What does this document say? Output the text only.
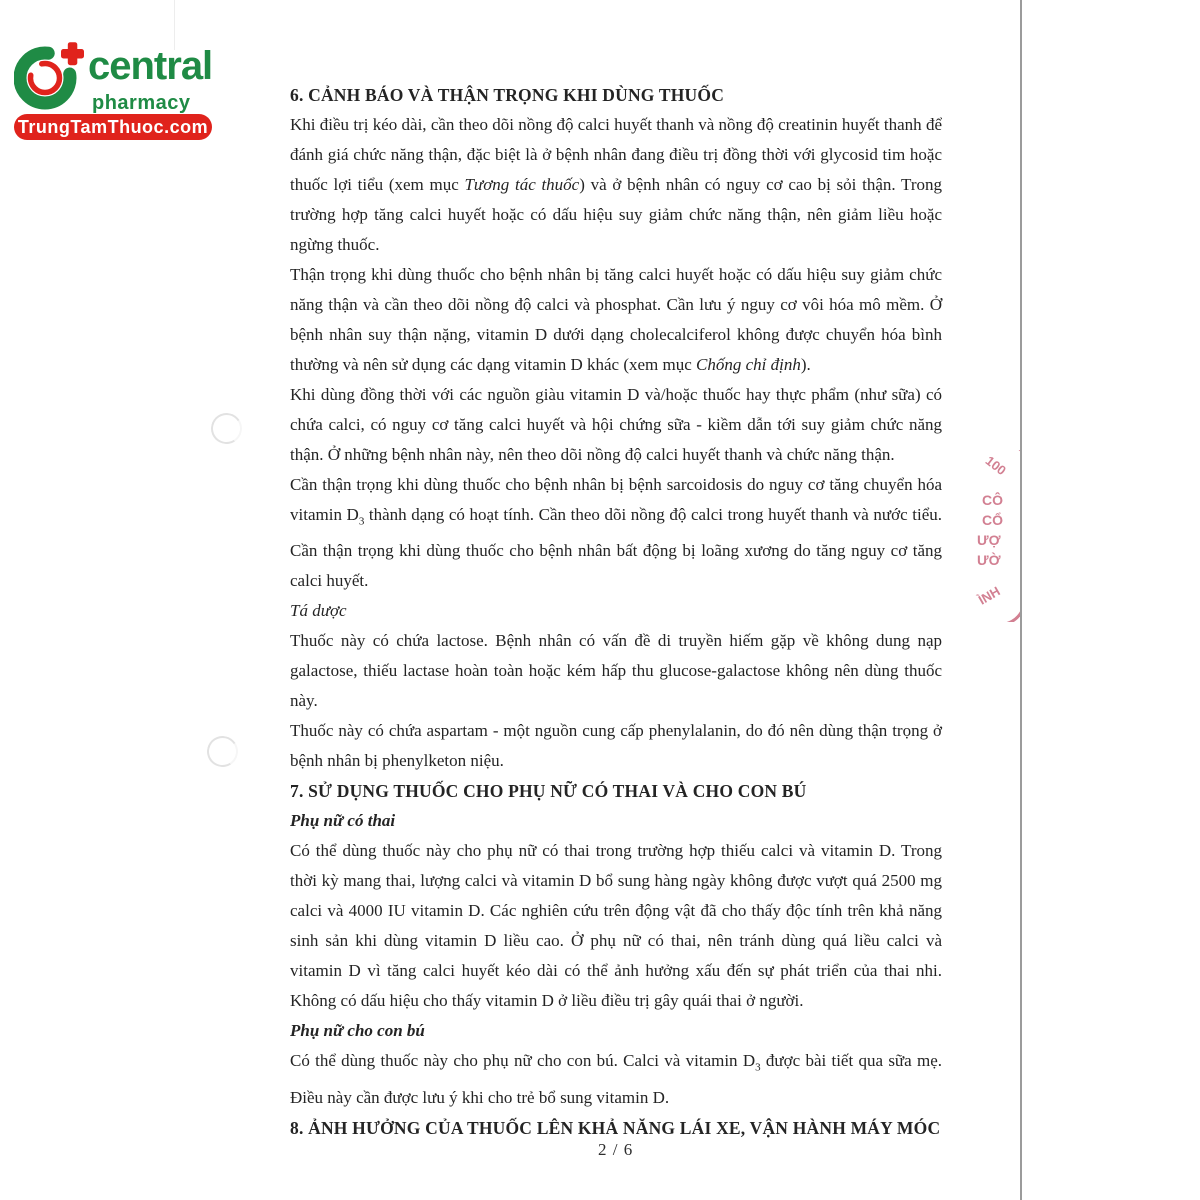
central
pharmacy
TrungTamThuoc.com
100
CÔ
CỔ
ƯỢ
ƯỜ
ÌNH
6. CẢNH BÁO VÀ THẬN TRỌNG KHI DÙNG THUỐC

Khi điều trị kéo dài, cần theo dõi nồng độ calci huyết thanh và nồng độ creatinin huyết thanh để đánh giá chức năng thận, đặc biệt là ở bệnh nhân đang điều trị đồng thời với glycosid tim hoặc thuốc lợi tiểu (xem mục Tương tác thuốc) và ở bệnh nhân có nguy cơ cao bị sỏi thận. Trong trường hợp tăng calci huyết hoặc có dấu hiệu suy giảm chức năng thận, nên giảm liều hoặc ngừng thuốc.

Thận trọng khi dùng thuốc cho bệnh nhân bị tăng calci huyết hoặc có dấu hiệu suy giảm chức năng thận và cần theo dõi nồng độ calci và phosphat. Cần lưu ý nguy cơ vôi hóa mô mềm. Ở bệnh nhân suy thận nặng, vitamin D dưới dạng cholecalciferol không được chuyển hóa bình thường và nên sử dụng các dạng vitamin D khác (xem mục Chống chỉ định).

Khi dùng đồng thời với các nguồn giàu vitamin D và/hoặc thuốc hay thực phẩm (như sữa) có chứa calci, có nguy cơ tăng calci huyết và hội chứng sữa - kiềm dẫn tới suy giảm chức năng thận. Ở những bệnh nhân này, nên theo dõi nồng độ calci huyết thanh và chức năng thận.

Cần thận trọng khi dùng thuốc cho bệnh nhân bị bệnh sarcoidosis do nguy cơ tăng chuyển hóa vitamin $D_3$ thành dạng có hoạt tính. Cần theo dõi nồng độ calci trong huyết thanh và nước tiểu. Cần thận trọng khi dùng thuốc cho bệnh nhân bất động bị loãng xương do tăng nguy cơ tăng calci huyết.

Tá dược

Thuốc này có chứa lactose. Bệnh nhân có vấn đề di truyền hiếm gặp về không dung nạp galactose, thiếu lactase hoàn toàn hoặc kém hấp thu glucose-galactose không nên dùng thuốc này.

Thuốc này có chứa aspartam - một nguồn cung cấp phenylalanin, do đó nên dùng thận trọng ở bệnh nhân bị phenylketon niệu.

7. SỬ DỤNG THUỐC CHO PHỤ NỮ CÓ THAI VÀ CHO CON BÚ
Phụ nữ có thai

Có thể dùng thuốc này cho phụ nữ có thai trong trường hợp thiếu calci và vitamin D. Trong thời kỳ mang thai, lượng calci và vitamin D bổ sung hàng ngày không được vượt quá 2500 mg calci và 4000 IU vitamin D. Các nghiên cứu trên động vật đã cho thấy độc tính trên khả năng sinh sản khi dùng vitamin D liều cao. Ở phụ nữ có thai, nên tránh dùng quá liều calci và vitamin D vì tăng calci huyết kéo dài có thể ảnh hưởng xấu đến sự phát triển của thai nhi. Không có dấu hiệu cho thấy vitamin D ở liều điều trị gây quái thai ở người.

Phụ nữ cho con bú

Có thể dùng thuốc này cho phụ nữ cho con bú. Calci và vitamin $D_3$ được bài tiết qua sữa mẹ. Điều này cần được lưu ý khi cho trẻ bổ sung vitamin D.

8. ẢNH HƯỞNG CỦA THUỐC LÊN KHẢ NĂNG LÁI XE, VẬN HÀNH MÁY MÓC
2 / 6
